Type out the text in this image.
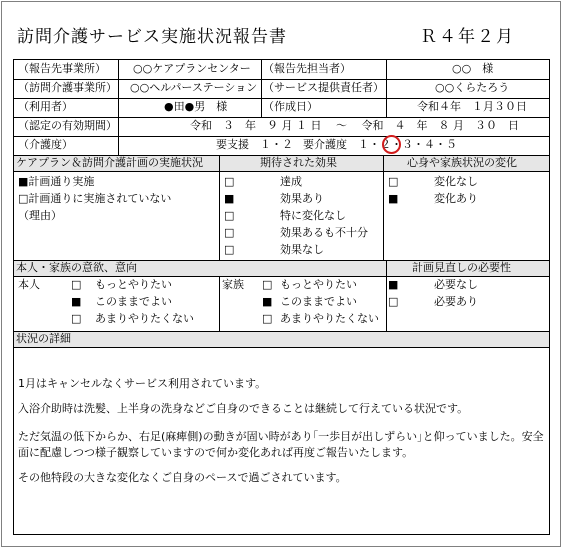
訪問介護サービス実施状況報告書	Ｒ４年２月
（報告先事業所） ○○ケアプランセンター （報告先担当者）	○○　様
（訪問介護事業所） ○○ヘルパーステーション （サービス提供責任者）	○○くらたろう
（利用者）	●田●男　様	（作成日）	令和４年　１月３０日
（認定の有効期間）	令和　３　年　９ 月 １ 日　 ～　 令和　４　年　８ 月　３０　日
（介護度）	要支援　１・２ 要介護度　１・２・３・４・５
ケアプラン＆訪問介護計画の実施状況
■計画通り実施
□計画通りに実施されていない
（理由）
期待された効果
□	達成
■	効果あり
□	特に変化なし
□	効果あるも不十分
□	効果なし
心身や家族状況の変化
□	変化なし
■	変化あり
本人・家族の意欲、意向
本人	□ もっとやりたい
■ このままでよい
□ あまりやりたくない
家族 □ もっとやりたい
■ このままでよい
□ あまりやりたくない
計画見直しの必要性
■	必要なし
□	必要あり
状況の詳細
1月はキャンセルなくサービス利用されています。
入浴介助時は洗髪、上半身の洗身などご自身のできることは継続して行えている状況です。
ただ気温の低下からか、右足(麻痺側)の動きが固い時があり｢一歩目が出しずらい｣と仰っていました。安全面に配慮しつつ様子観察していますので何か変化あれば再度ご報告いたします。
その他特段の大きな変化なくご自身のペースで過ごされています。
